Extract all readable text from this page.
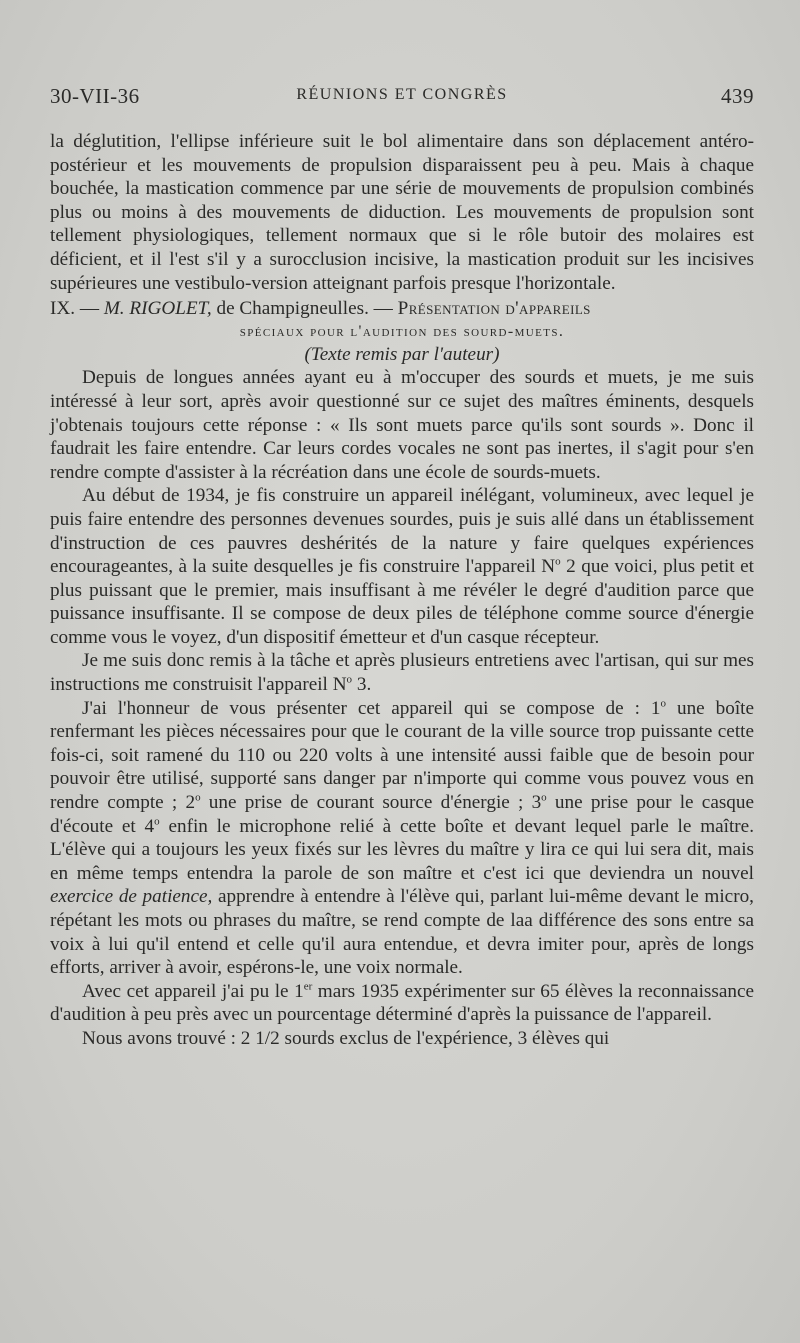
30-VII-36	RÉUNIONS ET CONGRÈS	439

la déglutition, l'ellipse inférieure suit le bol alimentaire dans son déplacement antéro-postérieur et les mouvements de propulsion disparaissent peu à peu. Mais à chaque bouchée, la mastication commence par une série de mouvements de propulsion combinés plus ou moins à des mouvements de diduction. Les mouvements de propulsion sont tellement physiologiques, tellement normaux que si le rôle butoir des molaires est déficient, et il l'est s'il y a surocclusion incisive, la mastication produit sur les incisives supérieures une vestibulo-version atteignant parfois presque l'horizontale.

IX. — M. RIGOLET, de Champigneulles. — Présentation d'appareils
spéciaux pour l'audition des sourd-muets.

(Texte remis par l'auteur)

Depuis de longues années ayant eu à m'occuper des sourds et muets, je me suis intéressé à leur sort, après avoir questionné sur ce sujet des maîtres éminents, desquels j'obtenais toujours cette réponse : « Ils sont muets parce qu'ils sont sourds ». Donc il faudrait les faire entendre. Car leurs cordes vocales ne sont pas inertes, il s'agit pour s'en rendre compte d'assister à la récréation dans une école de sourds-muets.

Au début de 1934, je fis construire un appareil inélégant, volumineux, avec lequel je puis faire entendre des personnes devenues sourdes, puis je suis allé dans un établissement d'instruction de ces pauvres deshérités de la nature y faire quelques expériences encourageantes, à la suite desquelles je fis construire l'appareil $N^o$ 2 que voici, plus petit et plus puissant que le premier, mais insuffisant à me révéler le degré d'audition parce que puissance insuffisante. Il se compose de deux piles de téléphone comme source d'énergie comme vous le voyez, d'un dispositif émetteur et d'un casque récepteur.

Je me suis donc remis à la tâche et après plusieurs entretiens avec l'artisan, qui sur mes instructions me construisit l'appareil $N^o$ 3.

J'ai l'honneur de vous présenter cet appareil qui se compose de : 1$^o$ une boîte renfermant les pièces nécessaires pour que le courant de la ville source trop puissante cette fois-ci, soit ramené du 110 ou 220 volts à une intensité aussi faible que de besoin pour pouvoir être utilisé, supporté sans danger par n'importe qui comme vous pouvez vous en rendre compte ; 2$^o$ une prise de courant source d'énergie ; 3$^o$ une prise pour le casque d'écoute et 4$^o$ enfin le microphone relié à cette boîte et devant lequel parle le maître. L'élève qui a toujours les yeux fixés sur les lèvres du maître y lira ce qui lui sera dit, mais en même temps entendra la parole de son maître et c'est ici que deviendra un nouvel exercice de patience, apprendre à entendre à l'élève qui, parlant lui-même devant le micro, répétant les mots ou phrases du maître, se rend compte de laa différence des sons entre sa voix à lui qu'il entend et celle qu'il aura entendue, et devra imiter pour, après de longs efforts, arriver à avoir, espérons-le, une voix normale.

Avec cet appareil j'ai pu le 1er mars 1935 expérimenter sur 65 élèves la reconnaissance d'audition à peu près avec un pourcentage déterminé d'après la puissance de l'appareil.

Nous avons trouvé : 2 1/2 sourds exclus de l'expérience, 3 élèves qui
